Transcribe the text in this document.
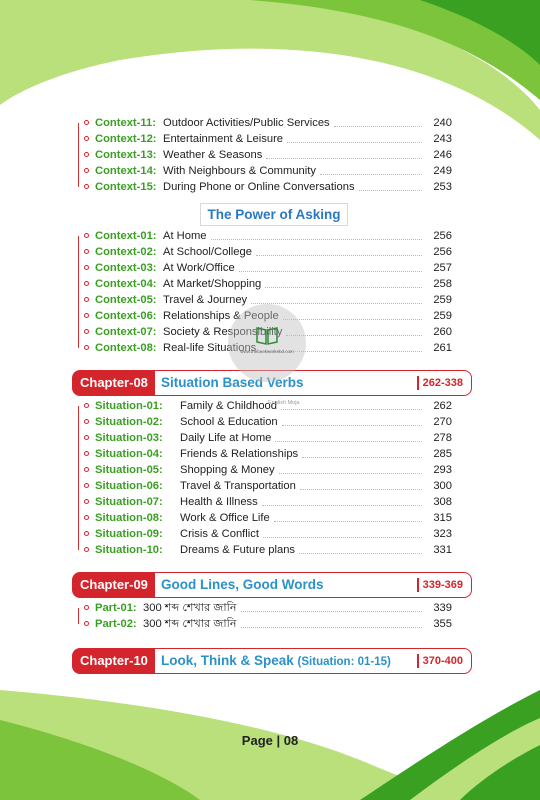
Context-11: Outdoor Activities/Public Services	240
Context-12: Entertainment & Leisure	243
Context-13: Weather & Seasons	246
Context-14: With Neighbours & Community	249
Context-15: During Phone or Online Conversations	253
The Power of Asking
Context-01: At Home	256
Context-02: At School/College	256
Context-03: At Work/Office	257
Context-04: At Market/Shopping	258
Context-05: Travel & Journey	259
Context-06: Relationships & People	259
Context-07: Society & Responsibility	260
Context-08: Real-life Situations	261
Chapter-08 Situation Based Verbs	262-338
Situation-01: Family & Childhood	262
Situation-02: School & Education	270
Situation-03: Daily Life at Home	278
Situation-04: Friends & Relationships	285
Situation-05: Shopping & Money	293
Situation-06: Travel & Transportation	300
Situation-07: Health & Illness	308
Situation-08: Work & Office Life	315
Situation-09: Crisis & Conflict	323
Situation-10: Dreams & Future plans	331
Chapter-09 Good Lines, Good Words	339-369
Part-01: 300 শব্দ শেখার জানি	339
Part-02: 300 শব্দ শেখার জানি	355
Chapter-10 Look, Think & Speak (Situation: 01-15)	370-400
www.thebookworkebd.com
English Moja
Page | 08
